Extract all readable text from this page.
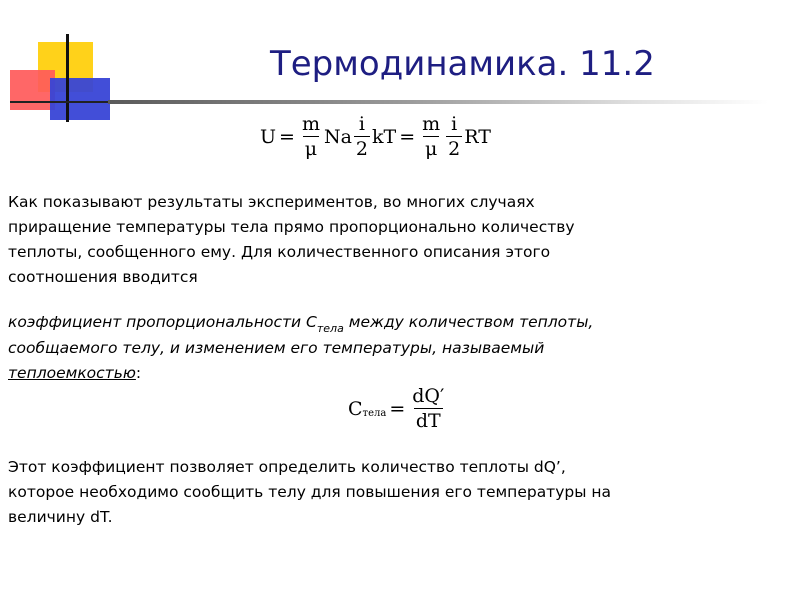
Термодинамика. 11.2
$U = \frac{m}{\mu}$ Na $\frac{i}{2}$ kT = $\frac{m}{\mu} \frac{i}{2}$ RT
Как показывают результаты экспериментов, во многих случаях
приращение температуры тела прямо пропорционально количеству
теплоты, сообщенного ему. Для количественного описания этого
соотношения вводится
коэффициент пропорциональности $С_{тела}$ между количеством теплоты,
сообщаемого телу, и изменением его температуры, называемый
теплоемкостью:
C тела = $\frac{dQ'}{dT}$
Этот коэффициент позволяет определить количество теплоты dQ’,
которое необходимо сообщить телу для повышения его температуры на
величину dT.
